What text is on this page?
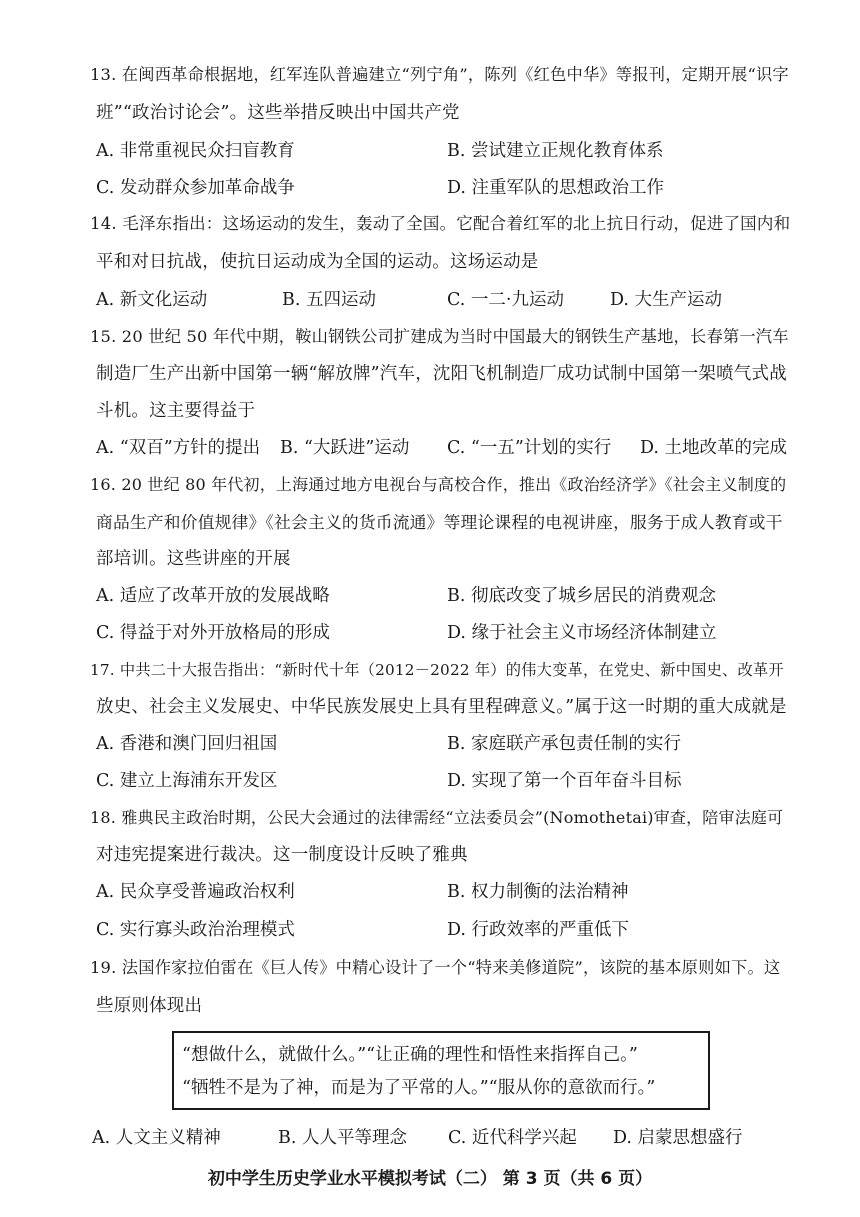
13. 在闽西革命根据地，红军连队普遍建立“列宁角”，陈列《红色中华》等报刊，定期开展“识字
班”“政治讨论会”。这些举措反映出中国共产党
A. 非常重视民众扫盲教育	B. 尝试建立正规化教育体系
C. 发动群众参加革命战争	D. 注重军队的思想政治工作
14. 毛泽东指出：这场运动的发生，轰动了全国。它配合着红军的北上抗日行动，促进了国内和
平和对日抗战，使抗日运动成为全国的运动。这场运动是
A. 新文化运动	B. 五四运动	C. 一二·九运动	D. 大生产运动
15. 20 世纪 50 年代中期，鞍山钢铁公司扩建成为当时中国最大的钢铁生产基地，长春第一汽车
制造厂生产出新中国第一辆“解放牌”汽车，沈阳飞机制造厂成功试制中国第一架喷气式战
斗机。这主要得益于
A. “双百”方针的提出 B. “大跃进”运动 C. “一五”计划的实行 D. 土地改革的完成
16. 20 世纪 80 年代初，上海通过地方电视台与高校合作，推出《政治经济学》《社会主义制度的
商品生产和价值规律》《社会主义的货币流通》等理论课程的电视讲座，服务于成人教育或干
部培训。这些讲座的开展
A. 适应了改革开放的发展战略	B. 彻底改变了城乡居民的消费观念
C. 得益于对外开放格局的形成	D. 缘于社会主义市场经济体制建立
17. 中共二十大报告指出：“新时代十年（2012－2022 年）的伟大变革，在党史、新中国史、改革开
放史、社会主义发展史、中华民族发展史上具有里程碑意义。”属于这一时期的重大成就是
A. 香港和澳门回归祖国	B. 家庭联产承包责任制的实行
C. 建立上海浦东开发区	D. 实现了第一个百年奋斗目标
18. 雅典民主政治时期，公民大会通过的法律需经“立法委员会”(Nomothetai)审查，陪审法庭可
对违宪提案进行裁决。这一制度设计反映了雅典
A. 民众享受普遍政治权利	B. 权力制衡的法治精神
C. 实行寡头政治治理模式	D. 行政效率的严重低下
19. 法国作家拉伯雷在《巨人传》中精心设计了一个“特来美修道院”，该院的基本原则如下。这
些原则体现出
“想做什么，就做什么。”“让正确的理性和悟性来指挥自己。”
“牺牲不是为了神，而是为了平常的人。”“服从你的意欲而行。”
A. 人文主义精神	B. 人人平等理念 C. 近代科学兴起 D. 启蒙思想盛行
初中学生历史学业水平模拟考试（二） 第 3 页（共 6 页）
